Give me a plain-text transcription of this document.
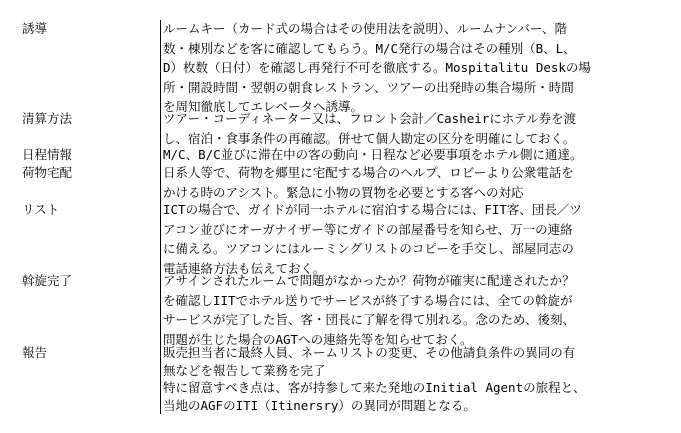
誘導	ルームキー（カード式の場合はその使用法を説明）、ルームナンバー、階
数・棟別などを客に確認してもらう。M/C発行の場合はその種別（B、L、
D）枚数（日付）を確認し再発行不可を徹底する。Mospitalitu Deskの場
所・開設時間・翌朝の朝食レストラン、ツアーの出発時の集合場所・時間
を周知徹底してエレベータへ誘導。
清算方法	ツアー・コーディネーター又は、フロント会計／Casheirにホテル券を渡
し、宿泊・食事条件の再確認。併せて個人勘定の区分を明確にしておく。
日程情報	M/C、B/C並びに滞在中の客の動向・日程など必要事項をホテル側に通達。
荷物宅配	日系人等で、荷物を郷里に宅配する場合のヘルプ、ロビーより公衆電話を
かける時のアシスト。緊急に小物の買物を必要とする客への対応
リスト	ICTの場合で、ガイドが同一ホテルに宿泊する場合には、FIT客、団長／ツ
アコン並びにオーガナイザー等にガイドの部屋番号を知らせ、万一の連絡
に備える。ツアコンにはルーミングリストのコピーを手交し、部屋同志の
電話連絡方法も伝えておく。
斡旋完了	アサインされたルームで問題がなかったか？荷物が確実に配達されたか？
を確認しIITでホテル送りでサービスが終了する場合には、全ての斡旋が
サービスが完了した旨、客・団長に了解を得て別れる。念のため、後刻、
問題が生じた場合のAGTへの連絡先等を知らせておく。
報告	販売担当者に最終人員、ネームリストの変更、その他請負条件の異同の有
無などを報告して業務を完了
特に留意すべき点は、客が持参して来た発地のInitial Agentの旅程と、
当地のAGFのITI（Itinersry）の異同が問題となる。
